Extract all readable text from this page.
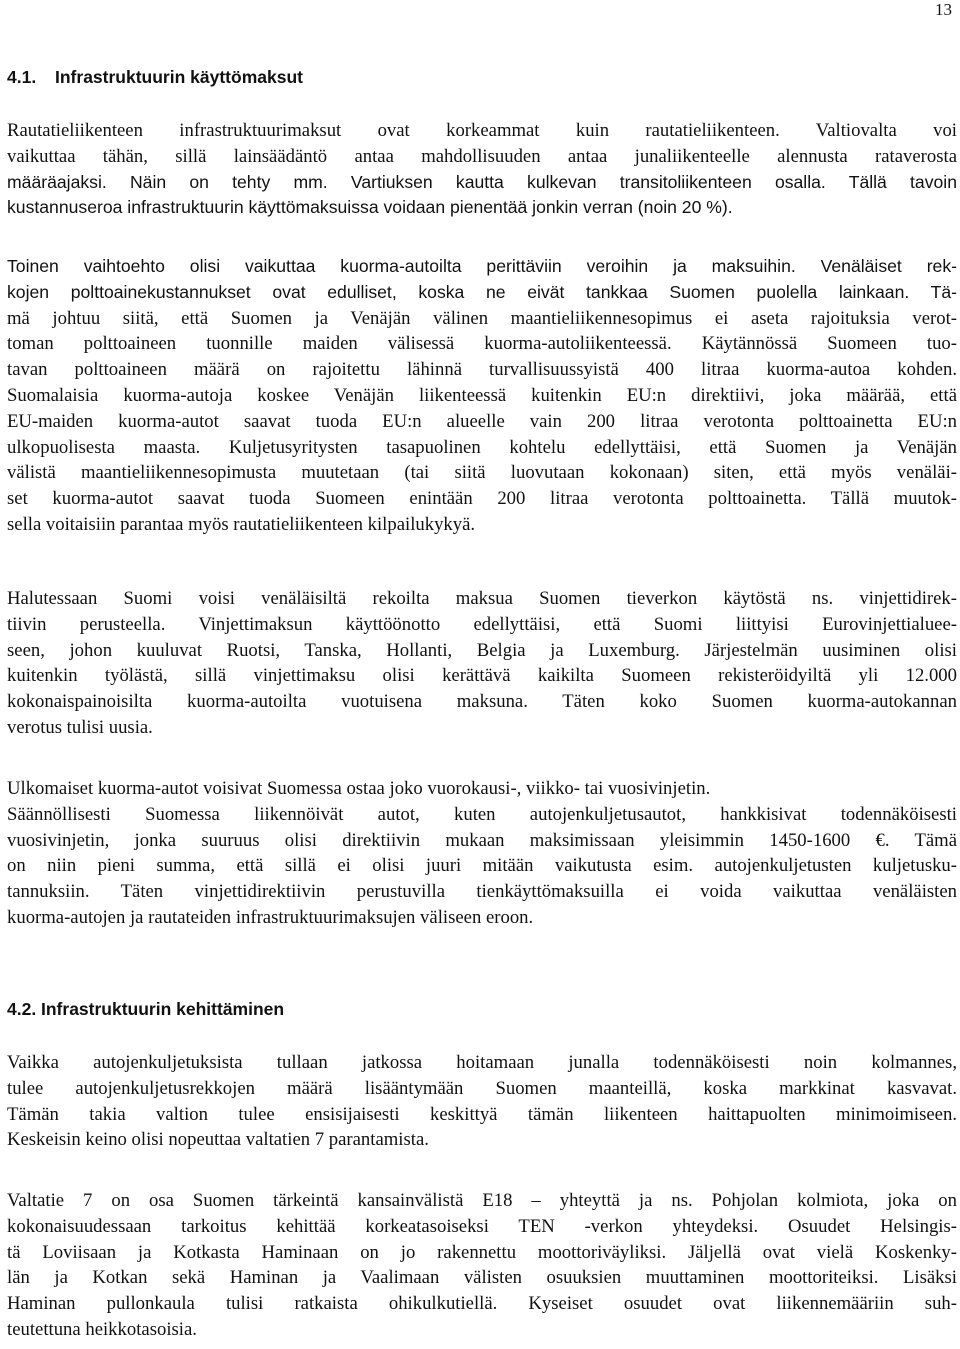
13
4.1. Infrastruktuurin käyttömaksut
Rautatieliikenteen infrastruktuurimaksut ovat korkeammat kuin rautatieliikenteen. Valtiovalta voi
vaikuttaa tähän, sillä lainsäädäntö antaa mahdollisuuden antaa junaliikenteelle alennusta rataverosta
määräajaksi. Näin on tehty mm. Vartiuksen kautta kulkevan transitoliikenteen osalla. Tällä tavoin
kustannuseroa infrastruktuurin käyttömaksuissa voidaan pienentää jonkin verran (noin 20 %).
Toinen vaihtoehto olisi vaikuttaa kuorma-autoilta perittäviin veroihin ja maksuihin. Venäläiset rek-
kojen polttoainekustannukset ovat edulliset, koska ne eivät tankkaa Suomen puolella lainkaan. Tä-
mä johtuu siitä, että Suomen ja Venäjän välinen maantieliikennesopimus ei aseta rajoituksia verot-
toman polttoaineen tuonnille maiden välisessä kuorma-autoliikenteessä. Käytännössä Suomeen tuo-
tavan polttoaineen määrä on rajoitettu lähinnä turvallisuussyistä 400 litraa kuorma-autoa kohden.
Suomalaisia kuorma-autoja koskee Venäjän liikenteessä kuitenkin EU:n direktiivi, joka määrää, että
EU-maiden kuorma-autot saavat tuoda EU:n alueelle vain 200 litraa verotonta polttoainetta EU:n
ulkopuolisesta maasta. Kuljetusyritysten tasapuolinen kohtelu edellyttäisi, että Suomen ja Venäjän
välistä maantieliikennesopimusta muutetaan (tai siitä luovutaan kokonaan) siten, että myös venäläi-
set kuorma-autot saavat tuoda Suomeen enintään 200 litraa verotonta polttoainetta. Tällä muutok-
sella voitaisiin parantaa myös rautatieliikenteen kilpailukykyä.
Halutessaan Suomi voisi venäläisiltä rekoilta maksua Suomen tieverkon käytöstä ns. vinjettidirek-
tiivin perusteella. Vinjettimaksun käyttöönotto edellyttäisi, että Suomi liittyisi Eurovinjettialuee-
seen, johon kuuluvat Ruotsi, Tanska, Hollanti, Belgia ja Luxemburg. Järjestelmän uusiminen olisi
kuitenkin työlästä, sillä vinjettimaksu olisi kerättävä kaikilta Suomeen rekisteröidyiltä yli 12.000
kokonaispainoisilta kuorma-autoilta vuotuisena maksuna. Täten koko Suomen kuorma-autokannan
verotus tulisi uusia.
Ulkomaiset kuorma-autot voisivat Suomessa ostaa joko vuorokausi-, viikko- tai vuosivinjetin.
Säännöllisesti Suomessa liikennöivät autot, kuten autojenkuljetusautot, hankkisivat todennäköisesti
vuosivinjetin, jonka suuruus olisi direktiivin mukaan maksimissaan yleisimmin 1450-1600 €. Tämä
on niin pieni summa, että sillä ei olisi juuri mitään vaikutusta esim. autojenkuljetusten kuljetusku-
tannuksiin. Täten vinjettidirektiivin perustuvilla tienkäyttömaksuilla ei voida vaikuttaa venäläisten
kuorma-autojen ja rautateiden infrastruktuurimaksujen väliseen eroon.
4.2. Infrastruktuurin kehittäminen
Vaikka autojenkuljetuksista tullaan jatkossa hoitamaan junalla todennäköisesti noin kolmannes,
tulee autojenkuljetusrekkojen määrä lisääntymään Suomen maanteillä, koska markkinat kasvavat.
Tämän takia valtion tulee ensisijaisesti keskittyä tämän liikenteen haittapuolten minimoimiseen.
Keskeisin keino olisi nopeuttaa valtatien 7 parantamista.
Valtatie 7 on osa Suomen tärkeintä kansainvälistä E18 – yhteyttä ja ns. Pohjolan kolmiota, joka on
kokonaisuudessaan tarkoitus kehittää korkeatasoiseksi TEN -verkon yhteydeksi. Osuudet Helsingis-
tä Loviisaan ja Kotkasta Haminaan on jo rakennettu moottoriväyliksi. Jäljellä ovat vielä Koskenky-
län ja Kotkan sekä Haminan ja Vaalimaan välisten osuuksien muuttaminen moottoriteiksi. Lisäksi
Haminan pullonkaula tulisi ratkaista ohikulkutiellä. Kyseiset osuudet ovat liikennemääriin suh-
teutettuna heikkotasoisia.
